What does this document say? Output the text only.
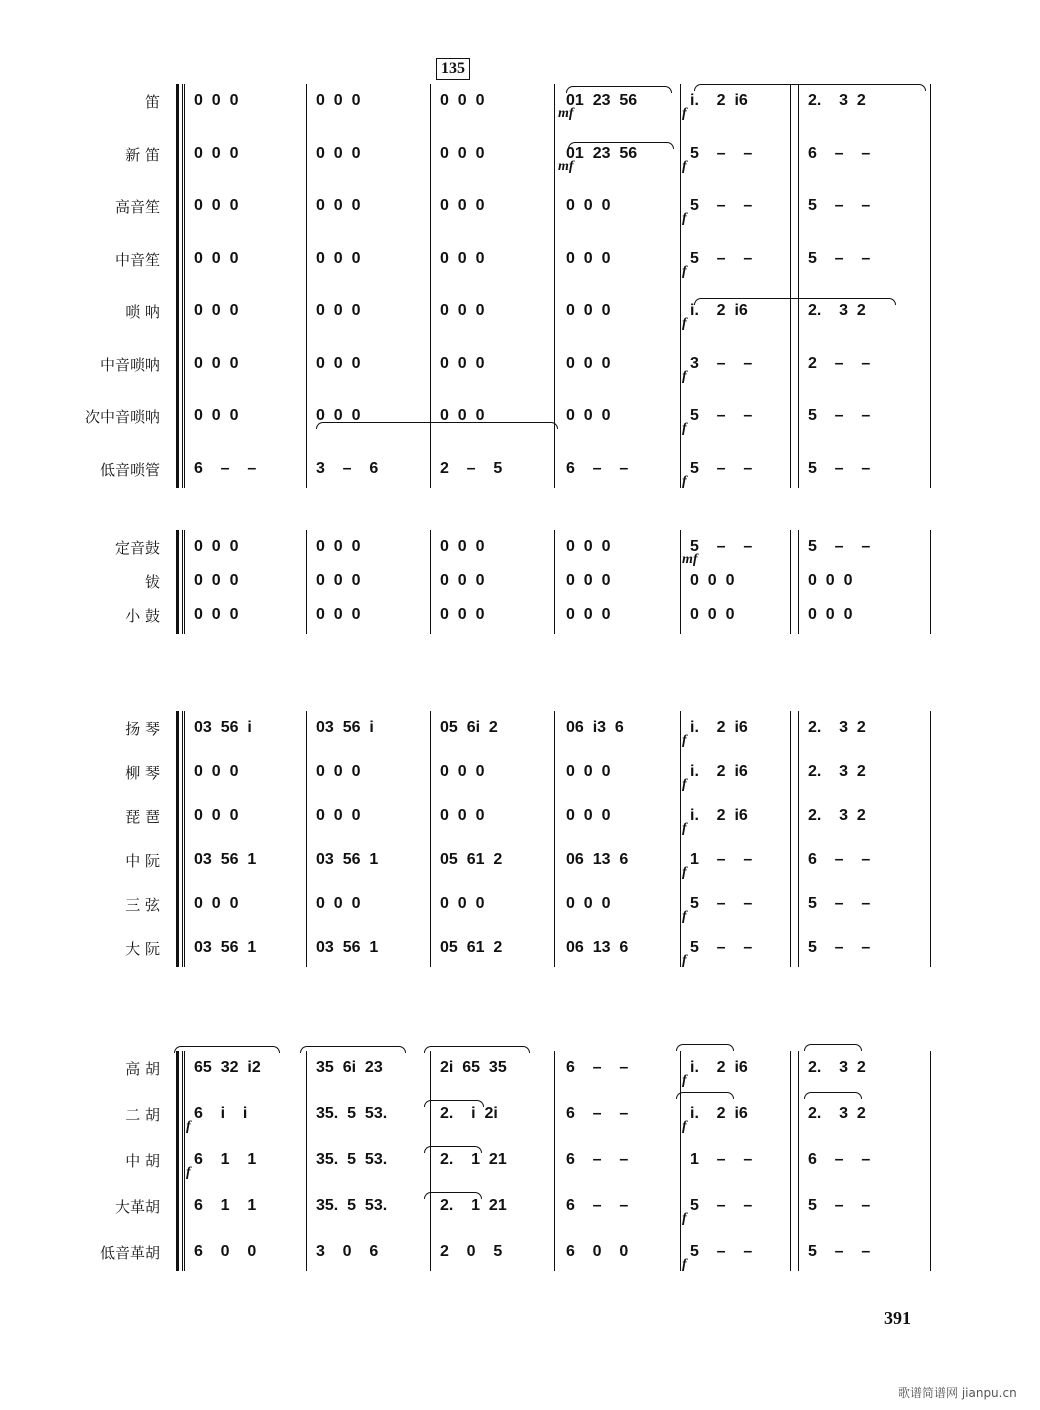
135
笛 0  0  0	0  0  0	0  0  0	01  23  56	i.    2  i6	2.    3  2
mf	f
新 笛 0  0  0	0  0  0	0  0  0	01  23  56	5    –    –	6    –    –
mf	f
高音笙 0  0  0	0  0  0	0  0  0	0  0  0	5    –    –	5    –    –
f
中音笙 0  0  0	0  0  0	0  0  0	0  0  0	5    –    –	5    –    –
f
唢 呐 0  0  0	0  0  0	0  0  0	0  0  0	i.    2  i6	2.    3  2
f
中音唢呐 0  0  0	0  0  0	0  0  0	0  0  0	3    –    –	2    –    –
f
次中音唢呐 0  0  0	0  0  0	0  0  0	0  0  0	5    –    –	5    –    –
f
低音唢管 6    –    –	3    –    6	2    –    5	6    –    –	5    –    –	5    –    –
f
定音鼓 0  0  0	0  0  0	0  0  0	0  0  0	5    –    –	5    –    –
mf
钹 0  0  0	0  0  0	0  0  0	0  0  0	0  0  0	0  0  0
小 鼓 0  0  0	0  0  0	0  0  0	0  0  0	0  0  0	0  0  0
扬 琴 03  56  i	03  56  i	05  6i  2	06  i3  6	i.    2  i6	2.    3  2
f
柳 琴 0  0  0	0  0  0	0  0  0	0  0  0	i.    2  i6	2.    3  2
f
琵 琶 0  0  0	0  0  0	0  0  0	0  0  0	i.    2  i6	2.    3  2
f
中 阮 03  56  1	03  56  1	05  61  2	06  13  6	1    –    –	6    –    –
f
三 弦 0  0  0	0  0  0	0  0  0	0  0  0	5    –    –	5    –    –
f
大 阮 03  56  1	03  56  1	05  61  2	06  13  6	5    –    –	5    –    –
f
高 胡 65  32  i2	35  6i  23	2i  65  35	6    –    –	i.    2  i6	2.    3  2
f
二 胡 6    i    i	35.  5  53.	2.    i  2i	6    –    –	i.    2  i6	2.    3  2
f	f
中 胡 6    1    1	35.  5  53.	2.    1  21	6    –    –	1    –    –	6    –    –
f
大革胡 6    1    1	35.  5  53.	2.    1  21	6    –    –	5    –    –	5    –    –
f
低音革胡 6    0    0	3    0    6	2    0    5	6    0    0	5    –    –	5    –    –
f
391
歌谱简谱网 jianpu.cn
